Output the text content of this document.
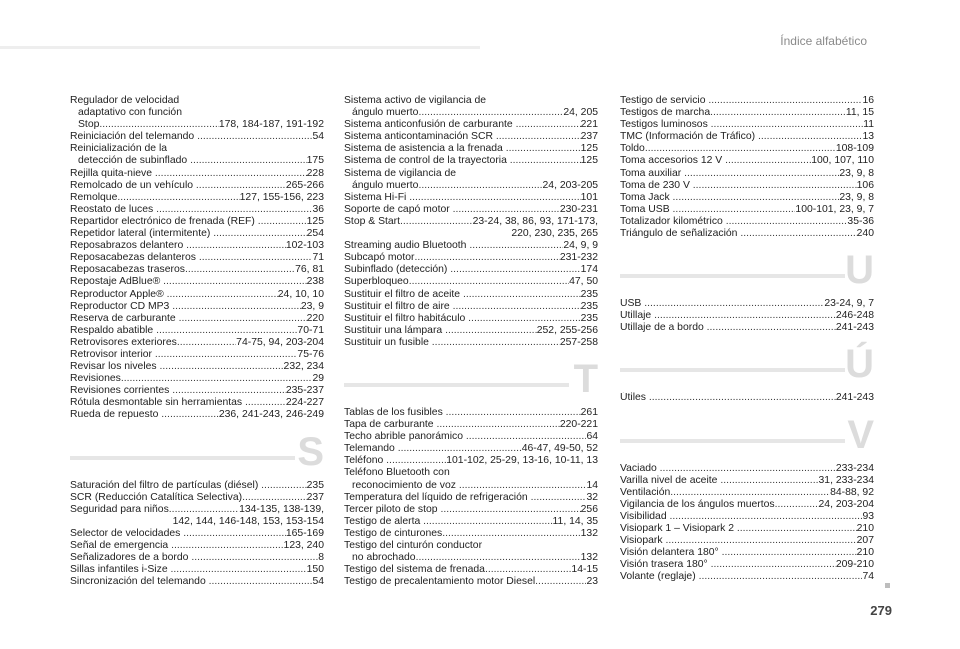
Índice alfabético
Regulador de velocidad
adaptativo con función
Stop .....	178, 184-187, 191-192
Reiniciación del telemando .....	54
Reinicialización de la
detección de subinflado .....	175
Rejilla quita-nieve .....	228
Remolcado de un vehículo .....	265-266
Remolque .....	127, 155-156, 223
Reostato de luces .....	36
Repartidor electrónico de frenada (REF) .....	125
Repetidor lateral (intermitente) .....	254
Reposabrazos delantero .....	102-103
Reposacabezas delanteros .....	71
Reposacabezas traseros .....	76, 81
Repostaje AdBlue® .....	238
Reproductor Apple® .....	24, 10, 10
Reproductor CD MP3 .....	23, 9
Reserva de carburante .....	220
Respaldo abatible .....	70-71
Retrovisores exteriores .....	74-75, 94, 203-204
Retrovisor interior .....	75-76
Revisar los niveles .....	232, 234
Revisiones .....	29
Revisiones corrientes .....	235-237
Rótula desmontable sin herramientas .....	224-227
Rueda de repuesto .....	236, 241-243, 246-249
S
Saturación del filtro de partículas (diésel) .....	235
SCR (Reducción Catalítica Selectiva) .....	237
Seguridad para niños .....	134-135, 138-139,
142, 144, 146-148, 153, 153-154
Selector de velocidades .....	165-169
Señal de emergencia .....	123, 240
Señalizadores de a bordo .....	8
Sillas infantiles i-Size .....	150
Sincronización del telemando .....	54
Sistema activo de vigilancia de
ángulo muerto .....	24, 205
Sistema anticonfusión de carburante .....	221
Sistema anticontaminación SCR .....	237
Sistema de asistencia a la frenada .....	125
Sistema de control de la trayectoria .....	125
Sistema de vigilancia de
ángulo muerto .....	24, 203-205
Sistema Hi-Fi .....	101
Soporte de capó motor .....	230-231
Stop & Start .....	23-24, 38, 86, 93, 171-173,
220, 230, 235, 265
Streaming audio Bluetooth .....	24, 9, 9
Subcapó motor .....	231-232
Subinflado (detección) .....	174
Superbloqueo .....	47, 50
Sustituir el filtro de aceite .....	235
Sustituir el filtro de aire .....	235
Sustituir el filtro habitáculo .....	235
Sustituir una lámpara .....	252, 255-256
Sustituir un fusible .....	257-258
T
Tablas de los fusibles .....	261
Tapa de carburante .....	220-221
Techo abrible panorámico .....	64
Telemando .....	46-47, 49-50, 52
Teléfono .....	101-102, 25-29, 13-16, 10-11, 13
Teléfono Bluetooth con
reconocimiento de voz .....	14
Temperatura del líquido de refrigeración .....	32
Tercer piloto de stop .....	256
Testigo de alerta .....	11, 14, 35
Testigo de cinturones .....	132
Testigo del cinturón conductor
no abrochado .....	132
Testigo del sistema de frenada .....	14-15
Testigo de precalentamiento motor Diesel .....	23
Testigo de servicio .....	16
Testigos de marcha .....	11, 15
Testigos luminosos .....	11
TMC (Información de Tráfico) .....	13
Toldo .....	108-109
Toma accesorios 12 V .....	100, 107, 110
Toma auxiliar .....	23, 9, 8
Toma de 230 V .....	106
Toma Jack .....	23, 9, 8
Toma USB .....	100-101, 23, 9, 7
Totalizador kilométrico .....	35-36
Triángulo de señalización .....	240
U
USB .....	23-24, 9, 7
Utillaje .....	246-248
Utillaje de a bordo .....	241-243
Ú
Útiles .....	241-243
V
Vaciado .....	233-234
Varilla nivel de aceite .....	31, 233-234
Ventilación .....	84-88, 92
Vigilancia de los ángulos muertos .....	24, 203-204
Visibilidad .....	93
Visiopark 1 – Visiopark 2 .....	210
Visiopark .....	207
Visión delantera 180° .....	210
Visión trasera 180° .....	209-210
Volante (reglaje) .....	74
279
